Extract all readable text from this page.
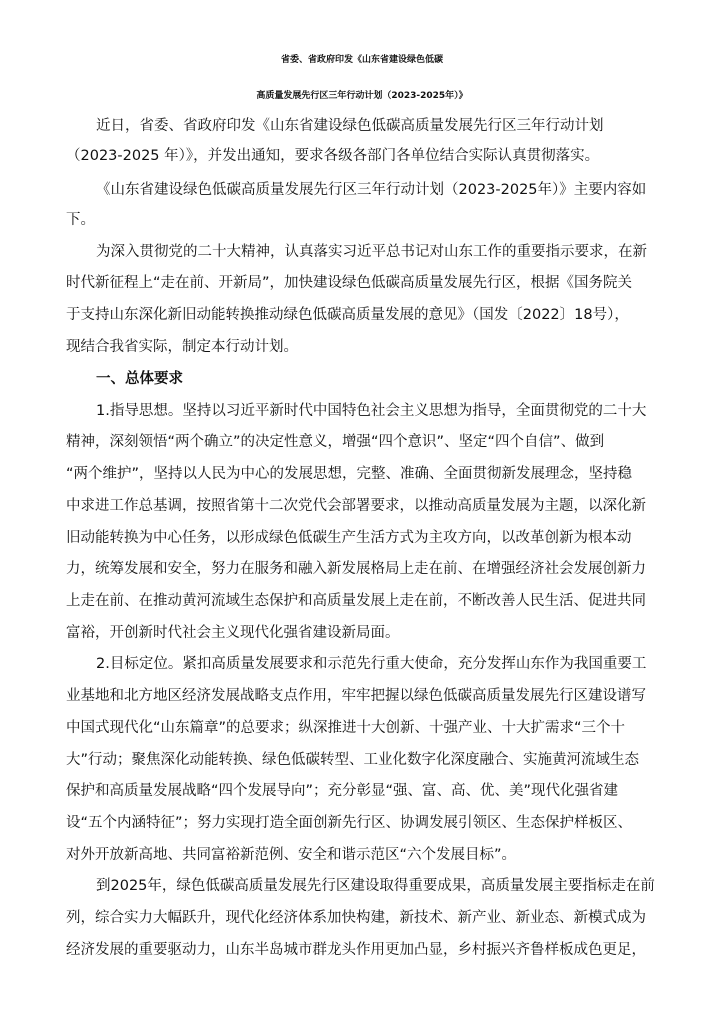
省委、省政府印发《山东省建设绿色低碳
高质量发展先行区三年行动计划（2023-2025年）》
近日，省委、省政府印发《山东省建设绿色低碳高质量发展先行区三年行动计划
（2023-2025 年）》，并发出通知，要求各级各部门各单位结合实际认真贯彻落实。
《山东省建设绿色低碳高质量发展先行区三年行动计划（2023-2025年）》主要内容如
下。
为深入贯彻党的二十大精神，认真落实习近平总书记对山东工作的重要指示要求，在新
时代新征程上“走在前、开新局”，加快建设绿色低碳高质量发展先行区，根据《国务院关
于支持山东深化新旧动能转换推动绿色低碳高质量发展的意见》（国发〔2022〕18号），
现结合我省实际，制定本行动计划。
一、总体要求
1.指导思想。坚持以习近平新时代中国特色社会主义思想为指导，全面贯彻党的二十大
精神，深刻领悟“两个确立”的决定性意义，增强“四个意识”、坚定“四个自信”、做到
“两个维护”，坚持以人民为中心的发展思想，完整、准确、全面贯彻新发展理念，坚持稳
中求进工作总基调，按照省第十二次党代会部署要求，以推动高质量发展为主题，以深化新
旧动能转换为中心任务，以形成绿色低碳生产生活方式为主攻方向，以改革创新为根本动
力，统筹发展和安全，努力在服务和融入新发展格局上走在前、在增强经济社会发展创新力
上走在前、在推动黄河流域生态保护和高质量发展上走在前，不断改善人民生活、促进共同
富裕，开创新时代社会主义现代化强省建设新局面。
2.目标定位。紧扣高质量发展要求和示范先行重大使命，充分发挥山东作为我国重要工
业基地和北方地区经济发展战略支点作用，牢牢把握以绿色低碳高质量发展先行区建设谱写
中国式现代化“山东篇章”的总要求；纵深推进十大创新、十强产业、十大扩需求“三个十
大”行动；聚焦深化动能转换、绿色低碳转型、工业化数字化深度融合、实施黄河流域生态
保护和高质量发展战略“四个发展导向”；充分彰显“强、富、高、优、美”现代化强省建
设“五个内涵特征”；努力实现打造全面创新先行区、协调发展引领区、生态保护样板区、
对外开放新高地、共同富裕新范例、安全和谐示范区“六个发展目标”。
到2025年，绿色低碳高质量发展先行区建设取得重要成果，高质量发展主要指标走在前
列，综合实力大幅跃升，现代化经济体系加快构建，新技术、新产业、新业态、新模式成为
经济发展的重要驱动力，山东半岛城市群龙头作用更加凸显，乡村振兴齐鲁样板成色更足，
